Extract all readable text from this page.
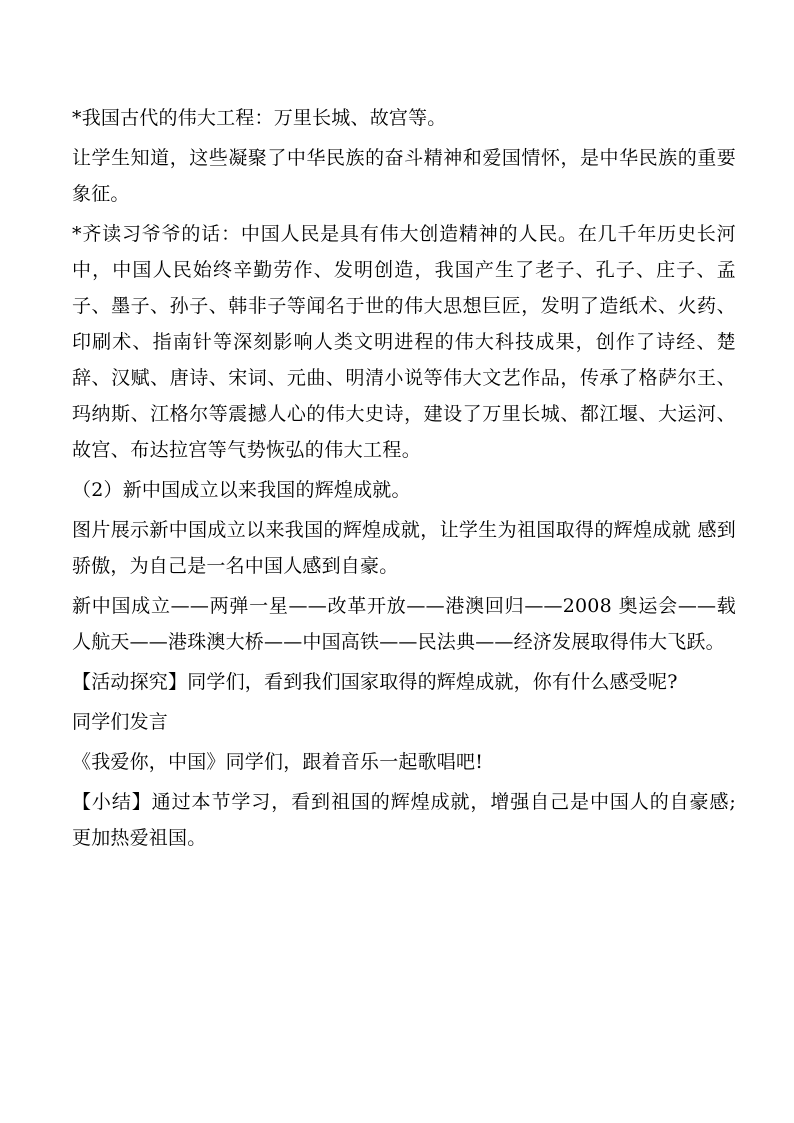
*我国古代的伟大工程：万里长城、故宫等。

让学生知道，这些凝聚了中华民族的奋斗精神和爱国情怀，是中华民族的重要象征。

*齐读习爷爷的话：中国人民是具有伟大创造精神的人民。在几千年历史长河中，中国人民始终辛勤劳作、发明创造，我国产生了老子、孔子、庄子、孟子、墨子、孙子、韩非子等闻名于世的伟大思想巨匠，发明了造纸术、火药、印刷术、指南针等深刻影响人类文明进程的伟大科技成果，创作了诗经、楚辞、汉赋、唐诗、宋词、元曲、明清小说等伟大文艺作品，传承了格萨尔王、玛纳斯、江格尔等震撼人心的伟大史诗，建设了万里长城、都江堰、大运河、故宫、布达拉宫等气势恢弘的伟大工程。

（2）新中国成立以来我国的辉煌成就。

图片展示新中国成立以来我国的辉煌成就，让学生为祖国取得的辉煌成就 感到骄傲，为自己是一名中国人感到自豪。

新中国成立——两弹一星——改革开放——港澳回归——2008 奥运会——载人航天——港珠澳大桥——中国高铁——民法典——经济发展取得伟大飞跃。

【活动探究】同学们，看到我们国家取得的辉煌成就，你有什么感受呢?

同学们发言

《我爱你，中国》同学们，跟着音乐一起歌唱吧!

【小结】通过本节学习，看到祖国的辉煌成就，增强自己是中国人的自豪感; 更加热爱祖国。
